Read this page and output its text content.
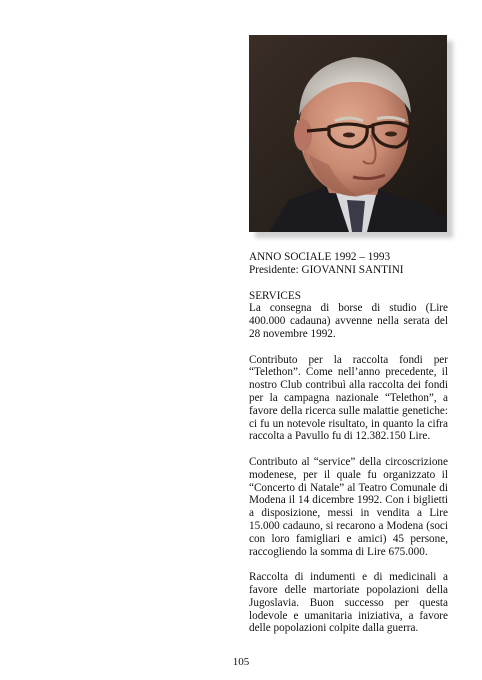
ANNO SOCIALE 1992 – 1993

Presidente: GIOVANNI SANTINI

SERVICES

La consegna di borse di studio (Lire 400.000 cadauna) avvenne nella serata del 28 novembre 1992.

Contributo per la raccolta fondi per “Telethon”. Come nell’anno precedente, il nostro Club contribuì alla raccolta dei fondi per la campagna nazionale “Telethon”, a favore della ricerca sulle malattie genetiche: ci fu un notevole risultato, in quanto la cifra raccolta a Pavullo fu di 12.382.150 Lire.

Contributo al “service” della circoscrizione modenese, per il quale fu organizzato il “Concerto di Natale” al Teatro Comunale di Modena il 14 dicembre 1992. Con i biglietti a disposizione, messi in vendita a Lire 15.000 cadauno, si recarono a Modena (soci con loro famigliari e amici) 45 persone, raccogliendo la somma di Lire 675.000.

Raccolta di indumenti e di medicinali a favore delle martoriate popolazioni della Jugoslavia. Buon successo per questa lodevole e umanitaria iniziativa, a favore delle popolazioni colpite dalla guerra.

105
